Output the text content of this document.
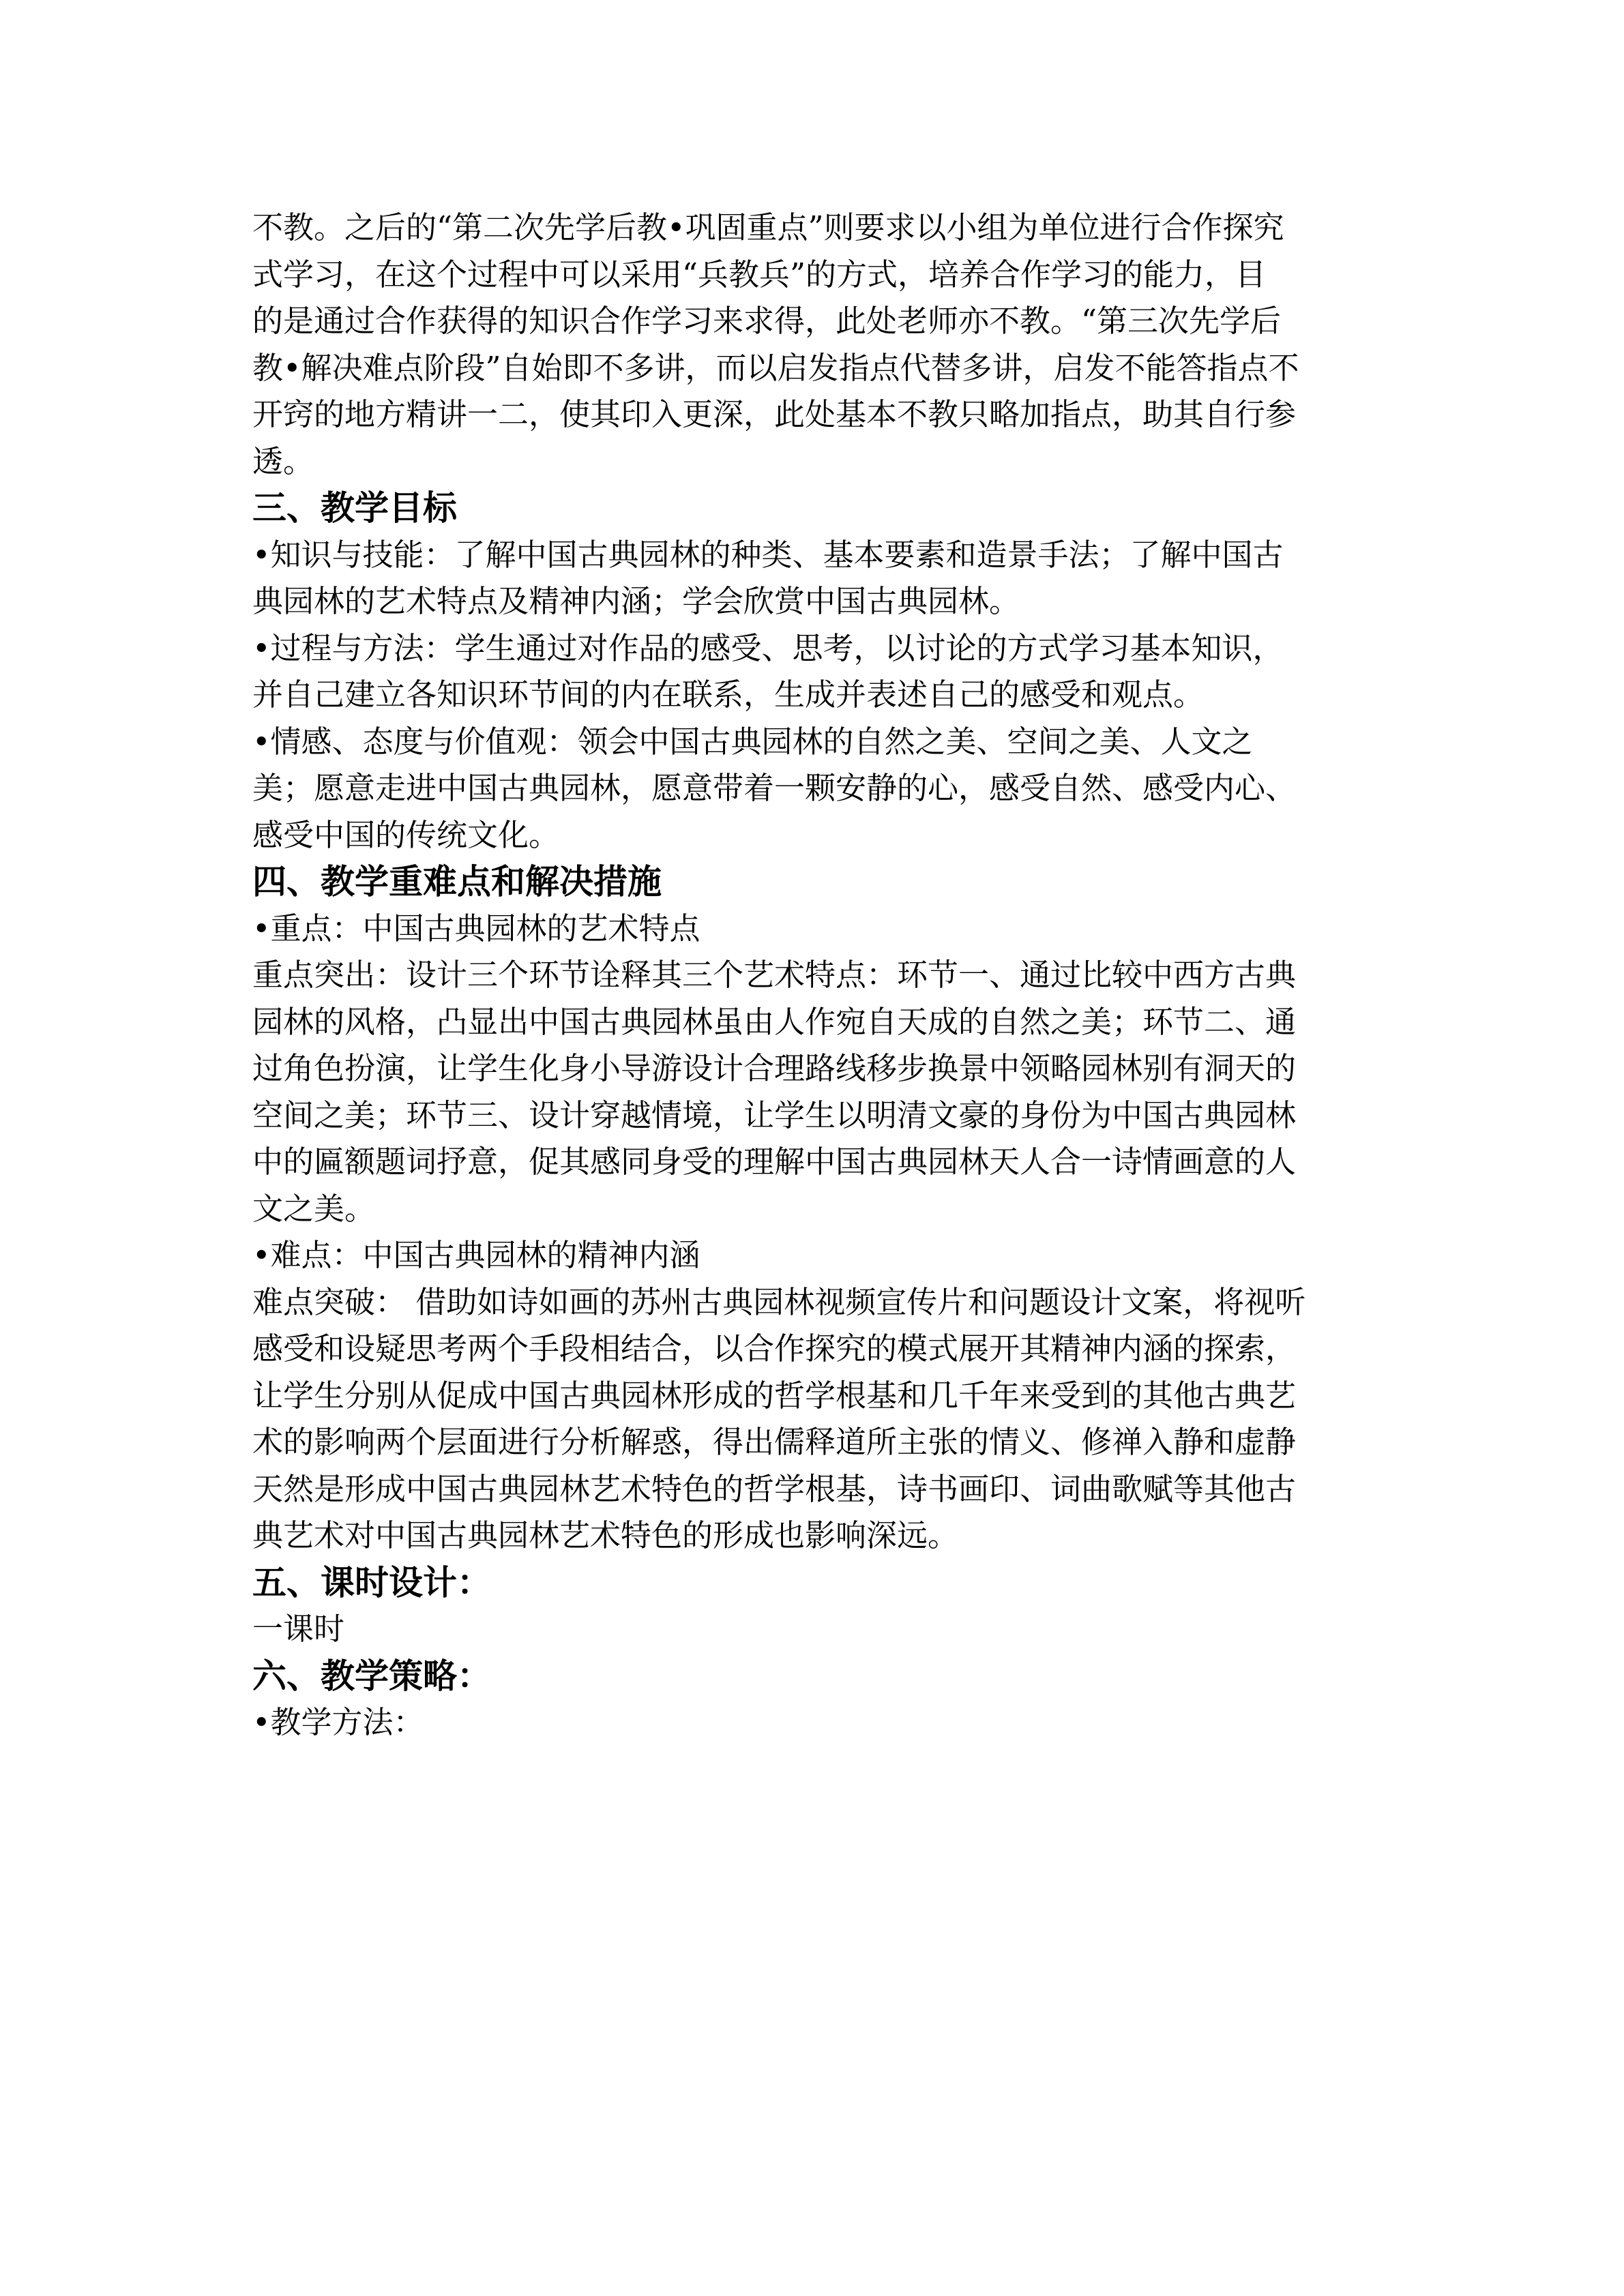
不教。之后的“第二次先学后教•巩固重点”则要求以小组为单位进行合作探究
式学习，在这个过程中可以采用“兵教兵”的方式，培养合作学习的能力，目
的是通过合作获得的知识合作学习来求得，此处老师亦不教。“第三次先学后
教•解决难点阶段”自始即不多讲，而以启发指点代替多讲，启发不能答指点不
开窍的地方精讲一二，使其印入更深，此处基本不教只略加指点，助其自行参
透。

三、教学目标

•知识与技能：了解中国古典园林的种类、基本要素和造景手法；了解中国古
典园林的艺术特点及精神内涵；学会欣赏中国古典园林。

•过程与方法：学生通过对作品的感受、思考，以讨论的方式学习基本知识，
并自己建立各知识环节间的内在联系，生成并表述自己的感受和观点。

•情感、态度与价值观：领会中国古典园林的自然之美、空间之美、人文之
美；愿意走进中国古典园林，愿意带着一颗安静的心，感受自然、感受内心、
感受中国的传统文化。

四、教学重难点和解决措施

•重点：中国古典园林的艺术特点

重点突出：设计三个环节诠释其三个艺术特点：环节一、通过比较中西方古典
园林的风格，凸显出中国古典园林虽由人作宛自天成的自然之美；环节二、通
过角色扮演，让学生化身小导游设计合理路线移步换景中领略园林别有洞天的
空间之美；环节三、设计穿越情境，让学生以明清文豪的身份为中国古典园林
中的匾额题词抒意，促其感同身受的理解中国古典园林天人合一诗情画意的人
文之美。

•难点：中国古典园林的精神内涵

难点突破： 借助如诗如画的苏州古典园林视频宣传片和问题设计文案，将视听
感受和设疑思考两个手段相结合，以合作探究的模式展开其精神内涵的探索，
让学生分别从促成中国古典园林形成的哲学根基和几千年来受到的其他古典艺
术的影响两个层面进行分析解惑，得出儒释道所主张的情义、修禅入静和虚静
天然是形成中国古典园林艺术特色的哲学根基，诗书画印、词曲歌赋等其他古
典艺术对中国古典园林艺术特色的形成也影响深远。

五、课时设计：

一课时

六、教学策略：

•教学方法：
